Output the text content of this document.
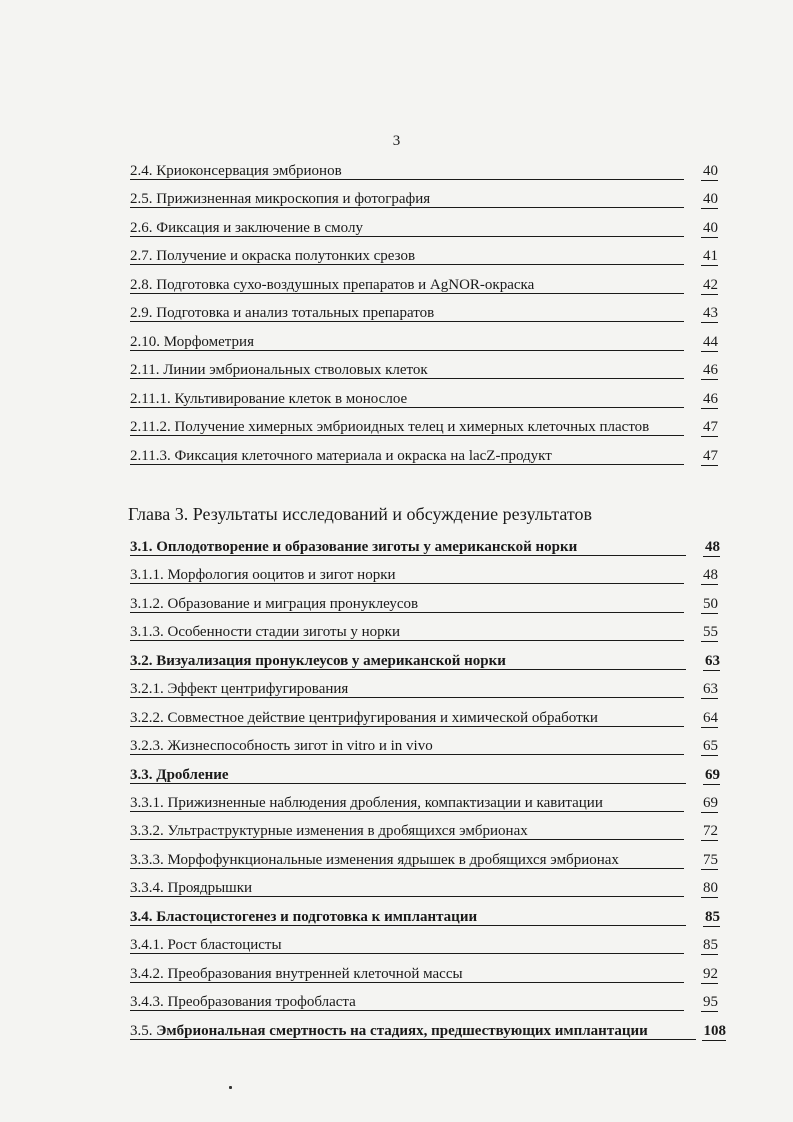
3
2.4. Криоконсервация эмбрионов	40
2.5. Прижизненная микроскопия и фотография	40
2.6. Фиксация и заключение в смолу	40
2.7. Получение и окраска полутонких срезов	41
2.8. Подготовка сухо-воздушных препаратов и AgNOR-окраска	42
2.9. Подготовка и анализ тотальных препаратов	43
2.10. Морфометрия	44
2.11. Линии эмбриональных стволовых клеток	46
2.11.1. Культивирование клеток в монослое	46
2.11.2. Получение химерных эмбриоидных телец и химерных клеточных пластов	47
2.11.3. Фиксация клеточного материала и окраска на lacZ-продукт	47
Глава 3. Результаты исследований и обсуждение результатов
3.1. Оплодотворение и образование зиготы у американской норки	48
3.1.1. Морфология ооцитов и зигот норки	48
3.1.2. Образование и миграция пронуклеусов	50
3.1.3. Особенности стадии зиготы у норки	55
3.2. Визуализация пронуклеусов у американской норки	63
3.2.1. Эффект центрифугирования	63
3.2.2. Совместное действие центрифугирования и химической обработки	64
3.2.3. Жизнеспособность зигот in vitro и in vivo	65
3.3. Дробление	69
3.3.1. Прижизненные наблюдения дробления, компактизации и кавитации	69
3.3.2. Ультраструктурные изменения в дробящихся эмбрионах	72
3.3.3. Морфофункциональные изменения ядрышек в дробящихся эмбрионах	75
3.3.4. Проядрышки	80
3.4. Бластоцистогенез и подготовка к имплантации	85
3.4.1. Рост бластоцисты	85
3.4.2. Преобразования внутренней клеточной массы	92
3.4.3. Преобразования трофобласта	95
3.5. Эмбриональная смертность на стадиях, предшествующих имплантации	108
